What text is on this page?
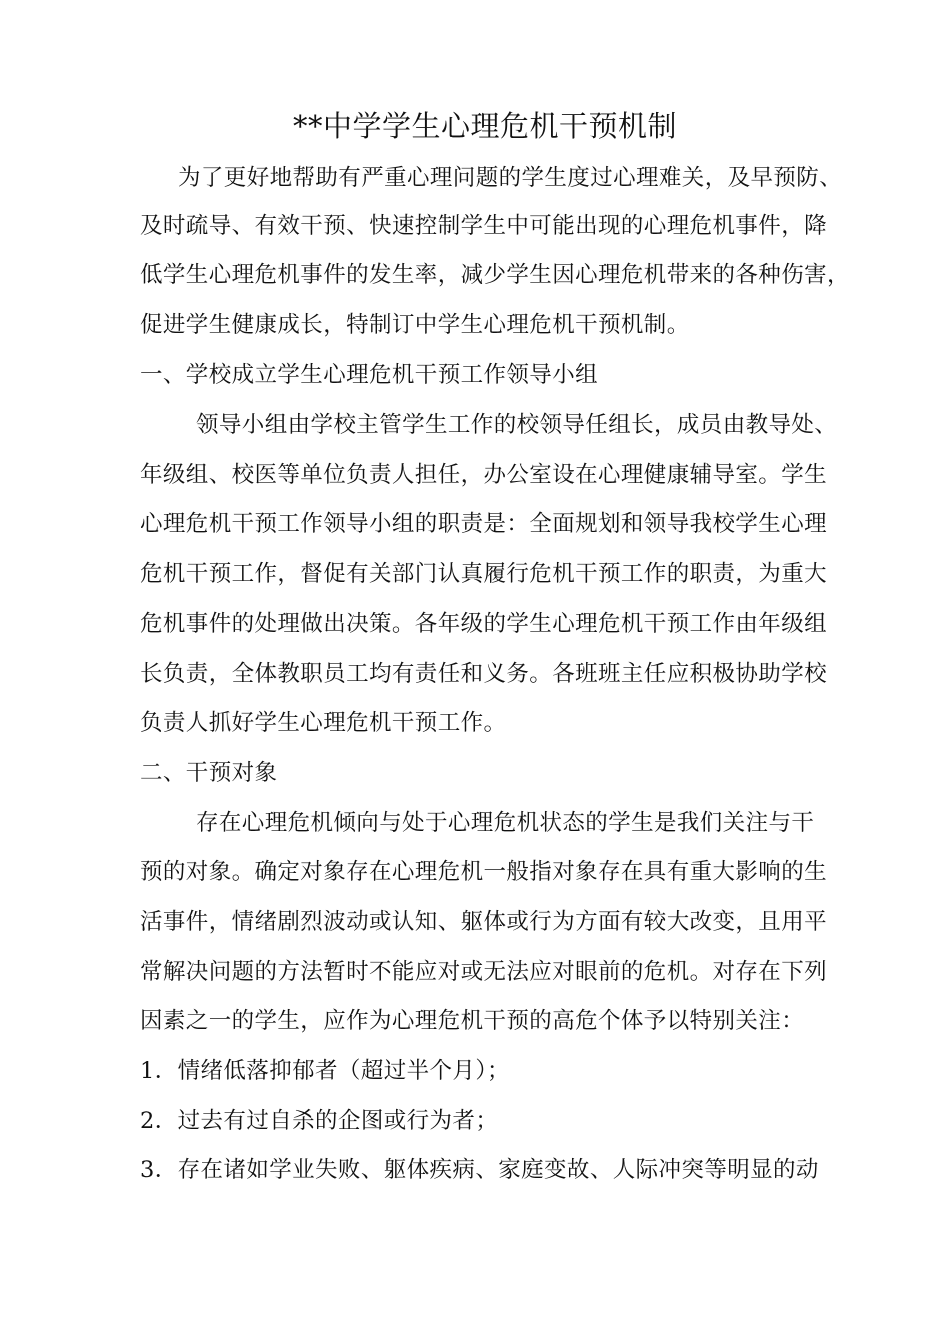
**中学学生心理危机干预机制

为了更好地帮助有严重心理问题的学生度过心理难关，及早预防、

及时疏导、有效干预、快速控制学生中可能出现的心理危机事件，降

低学生心理危机事件的发生率，减少学生因心理危机带来的各种伤害，

促进学生健康成长，特制订中学生心理危机干预机制。

一、学校成立学生心理危机干预工作领导小组

领导小组由学校主管学生工作的校领导任组长，成员由教导处、

年级组、校医等单位负责人担任，办公室设在心理健康辅导室。学生

心理危机干预工作领导小组的职责是：全面规划和领导我校学生心理

危机干预工作，督促有关部门认真履行危机干预工作的职责，为重大

危机事件的处理做出决策。各年级的学生心理危机干预工作由年级组

长负责，全体教职员工均有责任和义务。各班班主任应积极协助学校

负责人抓好学生心理危机干预工作。

二、干预对象

存在心理危机倾向与处于心理危机状态的学生是我们关注与干

预的对象。确定对象存在心理危机一般指对象存在具有重大影响的生

活事件，情绪剧烈波动或认知、躯体或行为方面有较大改变，且用平

常解决问题的方法暂时不能应对或无法应对眼前的危机。对存在下列

因素之一的学生，应作为心理危机干预的高危个体予以特别关注：

1．情绪低落抑郁者（超过半个月）；

2．过去有过自杀的企图或行为者；

3．存在诸如学业失败、躯体疾病、家庭变故、人际冲突等明显的动
